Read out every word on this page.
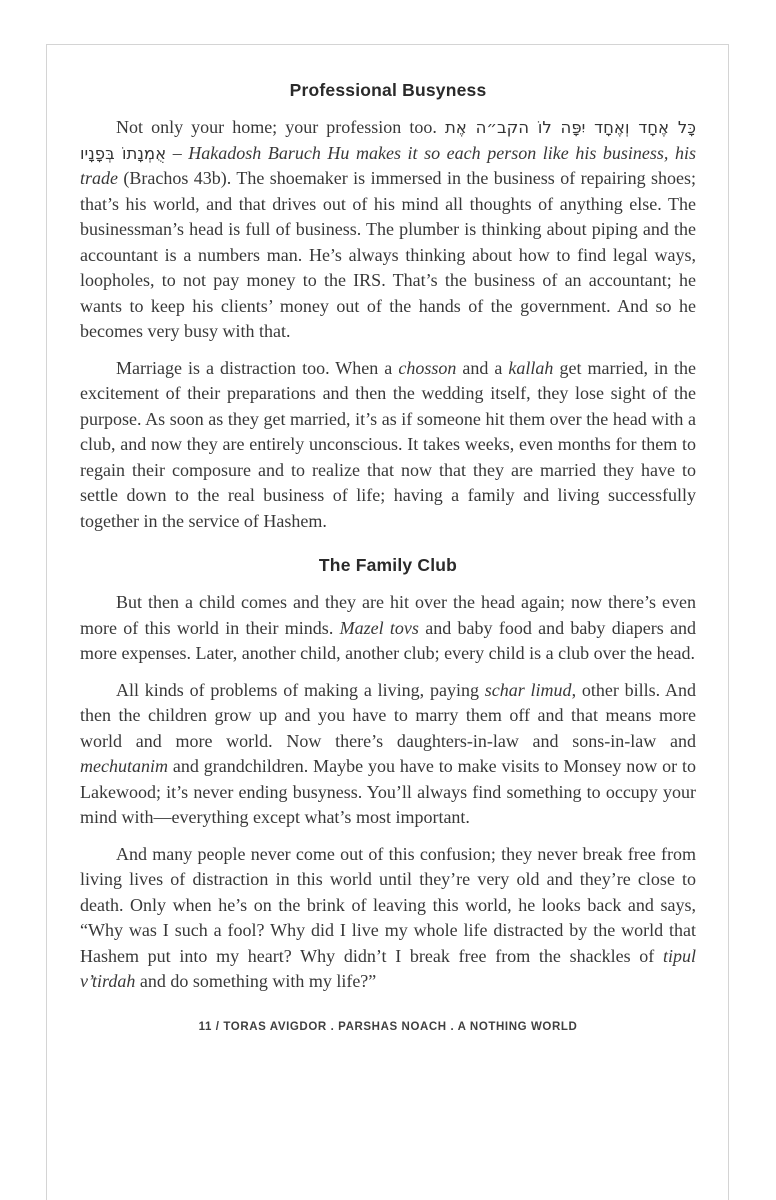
Professional Busyness

Not only your home; your profession too. כָּל אֶחָד וְאֶחָד יִפָּה לוֹ הקב״ה אֶת אֻמְנָתוֹ בְּפָנָיו – Hakadosh Baruch Hu makes it so each person like his business, his trade (Brachos 43b). The shoemaker is immersed in the business of repairing shoes; that’s his world, and that drives out of his mind all thoughts of anything else. The businessman’s head is full of business. The plumber is thinking about piping and the accountant is a numbers man. He’s always thinking about how to find legal ways, loopholes, to not pay money to the IRS. That’s the business of an accountant; he wants to keep his clients’ money out of the hands of the government. And so he becomes very busy with that.

Marriage is a distraction too. When a chosson and a kallah get married, in the excitement of their preparations and then the wedding itself, they lose sight of the purpose. As soon as they get married, it’s as if someone hit them over the head with a club, and now they are entirely unconscious. It takes weeks, even months for them to regain their composure and to realize that now that they are married they have to settle down to the real business of life; having a family and living successfully together in the service of Hashem.

The Family Club

But then a child comes and they are hit over the head again; now there’s even more of this world in their minds. Mazel tovs and baby food and baby diapers and more expenses. Later, another child, another club; every child is a club over the head.

All kinds of problems of making a living, paying schar limud, other bills. And then the children grow up and you have to marry them off and that means more world and more world. Now there’s daughters-in-law and sons-in-law and mechutanim and grandchildren. Maybe you have to make visits to Monsey now or to Lakewood; it’s never ending busyness. You’ll always find something to occupy your mind with—everything except what’s most important.

And many people never come out of this confusion; they never break free from living lives of distraction in this world until they’re very old and they’re close to death. Only when he’s on the brink of leaving this world, he looks back and says, “Why was I such a fool? Why did I live my whole life distracted by the world that Hashem put into my heart? Why didn’t I break free from the shackles of tipul v’tirdah and do something with my life?”

11 / TORAS AVIGDOR . PARSHAS NOACH . A NOTHING WORLD
